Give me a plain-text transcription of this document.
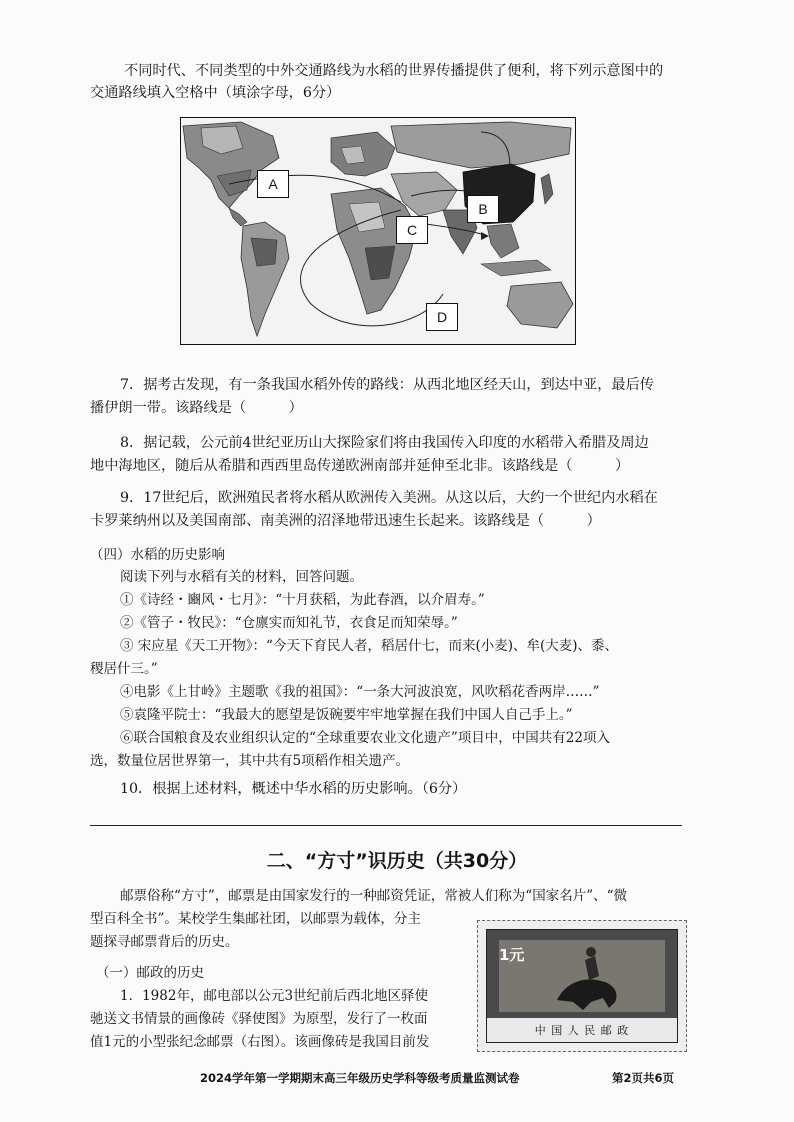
不同时代、不同类型的中外交通路线为水稻的世界传播提供了便利，将下列示意图中的
交通路线填入空格中（填涂字母，6分）
A
B
C
D
7．据考古发现，有一条我国水稻外传的路线：从西北地区经天山，到达中亚，最后传
播伊朗一带。该路线是（　　　）
8．据记载，公元前4世纪亚历山大探险家们将由我国传入印度的水稻带入希腊及周边
地中海地区，随后从希腊和西西里岛传递欧洲南部并延伸至北非。该路线是（　　　）
9．17世纪后，欧洲殖民者将水稻从欧洲传入美洲。从这以后，大约一个世纪内水稻在
卡罗莱纳州以及美国南部、南美洲的沼泽地带迅速生长起来。该路线是（　　　）
（四）水稻的历史影响
阅读下列与水稻有关的材料，回答问题。
①《诗经・豳风・七月》：“十月获稻，为此春酒，以介眉寿。”
②《管子・牧民》：“仓廪实而知礼节，衣食足而知荣辱。”
③ 宋应星《天工开物》：“今天下育民人者，稻居什七，而来(小麦)、牟(大麦)、黍、
稷居什三。”
④电影《上甘岭》主题歌《我的祖国》：“一条大河波浪宽，风吹稻花香两岸……”
⑤袁隆平院士：“我最大的愿望是饭碗要牢牢地掌握在我们中国人自己手上。”
⑥联合国粮食及农业组织认定的“全球重要农业文化遗产”项目中，中国共有22项入
选，数量位居世界第一，其中共有5项稻作相关遗产。
10．根据上述材料，概述中华水稻的历史影响。（6分）
二、“方寸”识历史（共30分）
邮票俗称“方寸”，邮票是由国家发行的一种邮资凭证，常被人们称为“国家名片”、“微
型百科全书”。某校学生集邮社团，以邮票为载体，分主
题探寻邮票背后的历史。
（一）邮政的历史
1．1982年，邮电部以公元3世纪前后西北地区驿使
驰送文书情景的画像砖《驿使图》为原型，发行了一枚面
值1元的小型张纪念邮票（右图）。该画像砖是我国目前发
1元
中 国 人 民 邮 政
2024学年第一学期期末高三年级历史学科等级考质量监测试卷	第2页共6页
